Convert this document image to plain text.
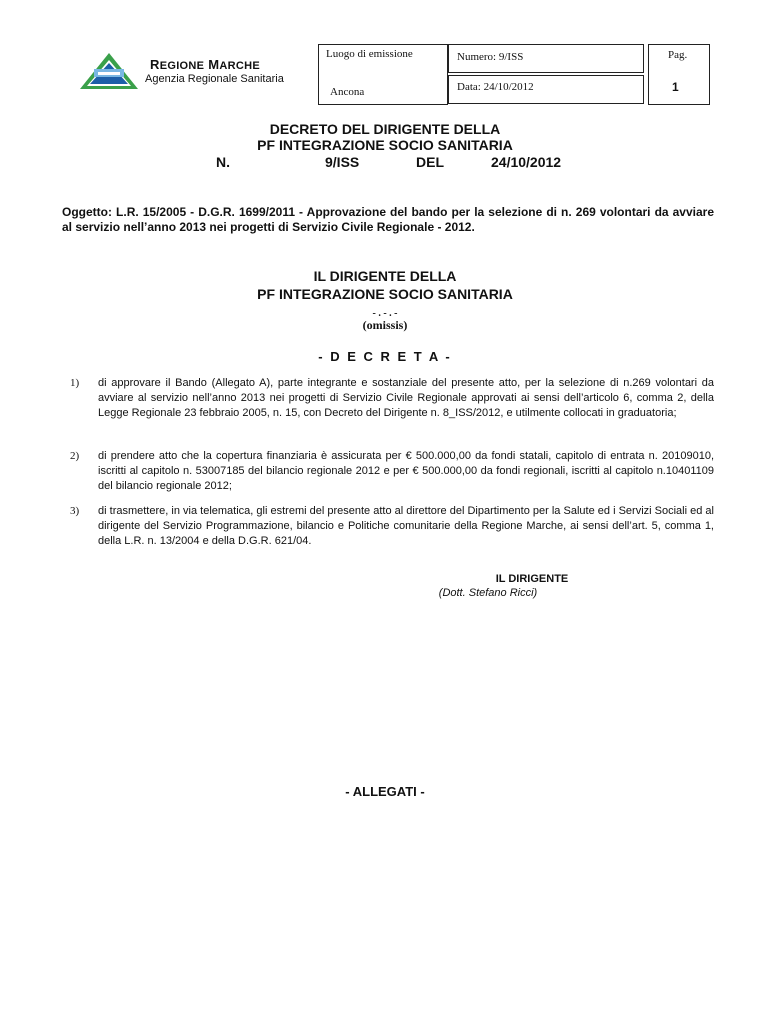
REGIONE MARCHE
Agenzia Regionale Sanitaria
Luogo di emissione
Ancona
Numero: 9/ISS
Data: 24/10/2012
Pag.
1
DECRETO DEL DIRIGENTE DELLA
PF INTEGRAZIONE SOCIO SANITARIA
N.	9/ISS	DEL	24/10/2012
Oggetto: L.R. 15/2005 - D.G.R. 1699/2011 - Approvazione del bando per la selezione di n. 269 volontari da avviare al servizio nell’anno 2013 nei progetti di Servizio Civile Regionale - 2012.
IL DIRIGENTE DELLA
PF INTEGRAZIONE SOCIO SANITARIA
- . - . -
(omissis)
- D E C R E T A -
1) di approvare il Bando (Allegato A), parte integrante e sostanziale del presente atto, per la selezione di n.269 volontari da avviare al servizio nell’anno 2013 nei progetti di Servizio Civile Regionale approvati ai sensi dell’articolo 6, comma 2, della Legge Regionale 23 febbraio 2005, n. 15, con Decreto del Dirigente n. 8_ISS/2012, e utilmente collocati in graduatoria;
2) di prendere atto che la copertura finanziaria è assicurata per € 500.000,00 da fondi statali, capitolo di entrata n. 20109010, iscritti al capitolo n. 53007185 del bilancio regionale 2012 e per € 500.000,00 da fondi regionali, iscritti al capitolo n.10401109 del bilancio regionale 2012;
3) di trasmettere, in via telematica, gli estremi del presente atto al direttore del Dipartimento per la Salute ed i Servizi Sociali ed al dirigente del Servizio Programmazione, bilancio e Politiche comunitarie della Regione Marche, ai sensi dell’art. 5, comma 1, della L.R. n. 13/2004 e della D.G.R. 621/04.
IL DIRIGENTE
(Dott. Stefano Ricci)
- ALLEGATI -
